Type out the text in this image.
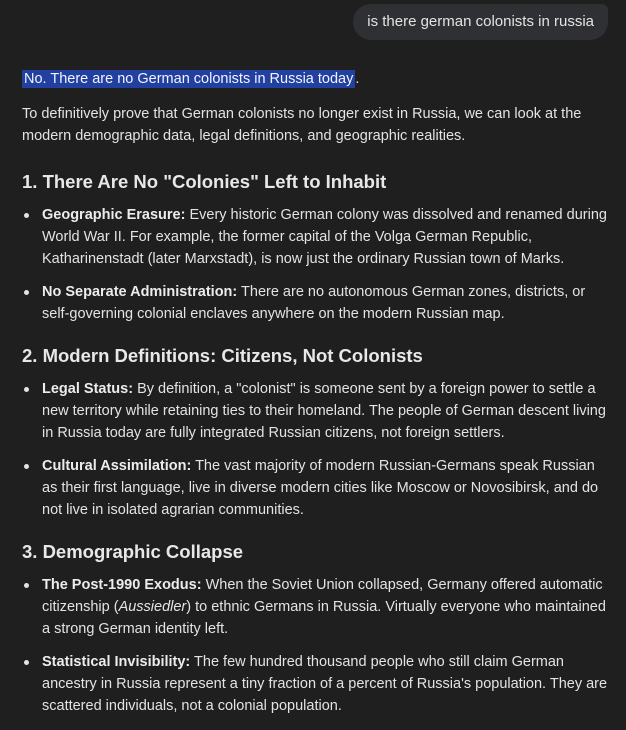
is there german colonists in russia

No. There are no German colonists in Russia today .

To definitively prove that German colonists no longer exist in Russia, we can look at the modern demographic data, legal definitions, and geographic realities.

1. There Are No "Colonies" Left to Inhabit
Geographic Erasure: Every historic German colony was dissolved and renamed during World War II. For example, the former capital of the Volga German Republic, Katharinenstadt (later Marxstadt), is now just the ordinary Russian town of Marks.
No Separate Administration: There are no autonomous German zones, districts, or self-governing colonial enclaves anywhere on the modern Russian map.
2. Modern Definitions: Citizens, Not Colonists
Legal Status: By definition, a "colonist" is someone sent by a foreign power to settle a new territory while retaining ties to their homeland. The people of German descent living in Russia today are fully integrated Russian citizens, not foreign settlers.
Cultural Assimilation: The vast majority of modern Russian-Germans speak Russian as their first language, live in diverse modern cities like Moscow or Novosibirsk, and do not live in isolated agrarian communities.
3. Demographic Collapse
The Post-1990 Exodus: When the Soviet Union collapsed, Germany offered automatic citizenship (Aussiedler) to ethnic Germans in Russia. Virtually everyone who maintained a strong German identity left.
Statistical Invisibility: The few hundred thousand people who still claim German ancestry in Russia represent a tiny fraction of a percent of Russia's population. They are scattered individuals, not a colonial population.
